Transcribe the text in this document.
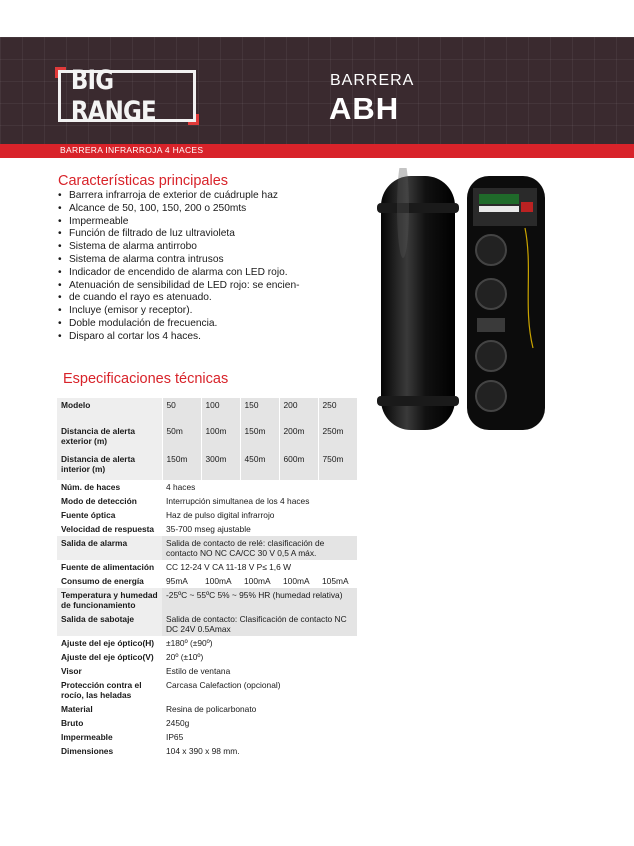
BIG RANGE
BARRERA
ABH
BARRERA INFRARROJA 4 HACES
Características principales
• Barrera infrarroja de exterior de cuádruple haz
• Alcance de 50, 100, 150, 200 o 250mts
• Impermeable
• Función de filtrado de luz ultravioleta
• Sistema de alarma antirrobo
• Sistema de alarma contra intrusos
• Indicador de encendido de alarma con LED rojo.
• Atenuación de sensibilidad de LED rojo: se encien-
• de cuando el rayo es atenuado.
• Incluye (emisor y receptor).
• Doble modulación de frecuencia.
• Disparo al cortar los 4 haces.
Especificaciones técnicas
Modelo	50	100	150	200	250
Distancia de alerta exterior (m)	50m	100m	150m	200m	250m
Distancia de alerta interior (m)	150m	300m	450m	600m	750m
Núm. de haces	4 haces				
Modo de detección	Interrupción simultanea de los 4 haces				
Fuente óptica	Haz de pulso digital infrarrojo				
Velocidad de respuesta	35-700 mseg ajustable				
Salida de alarma	Salida de contacto de relé: clasificación de contacto NO NC CA/CC 30 V 0,5 A máx.				
Fuente de alimentación	CC 12-24 V CA 11-18 V P≤ 1,6 W				
Consumo de energía	95mA	100mA	100mA	100mA	105mA
Temperatura y humedad de funcionamiento	-25ºC ~ 55ºC 5% ~ 95% HR (humedad relativa)				
Salida de sabotaje	Salida de contacto: Clasificación de contacto NC DC 24V 0.5Amax				
Ajuste del eje óptico(H)	±180º (±90º)				
Ajuste del eje óptico(V)	20º (±10º)				
Visor	Estilo de ventana				
Protección contra el rocío, las heladas	Carcasa Calefaction (opcional)				
Material	Resina de policarbonato				
Bruto	2450g				
Impermeable	IP65				
Dimensiones	104 x 390 x 98 mm.				
